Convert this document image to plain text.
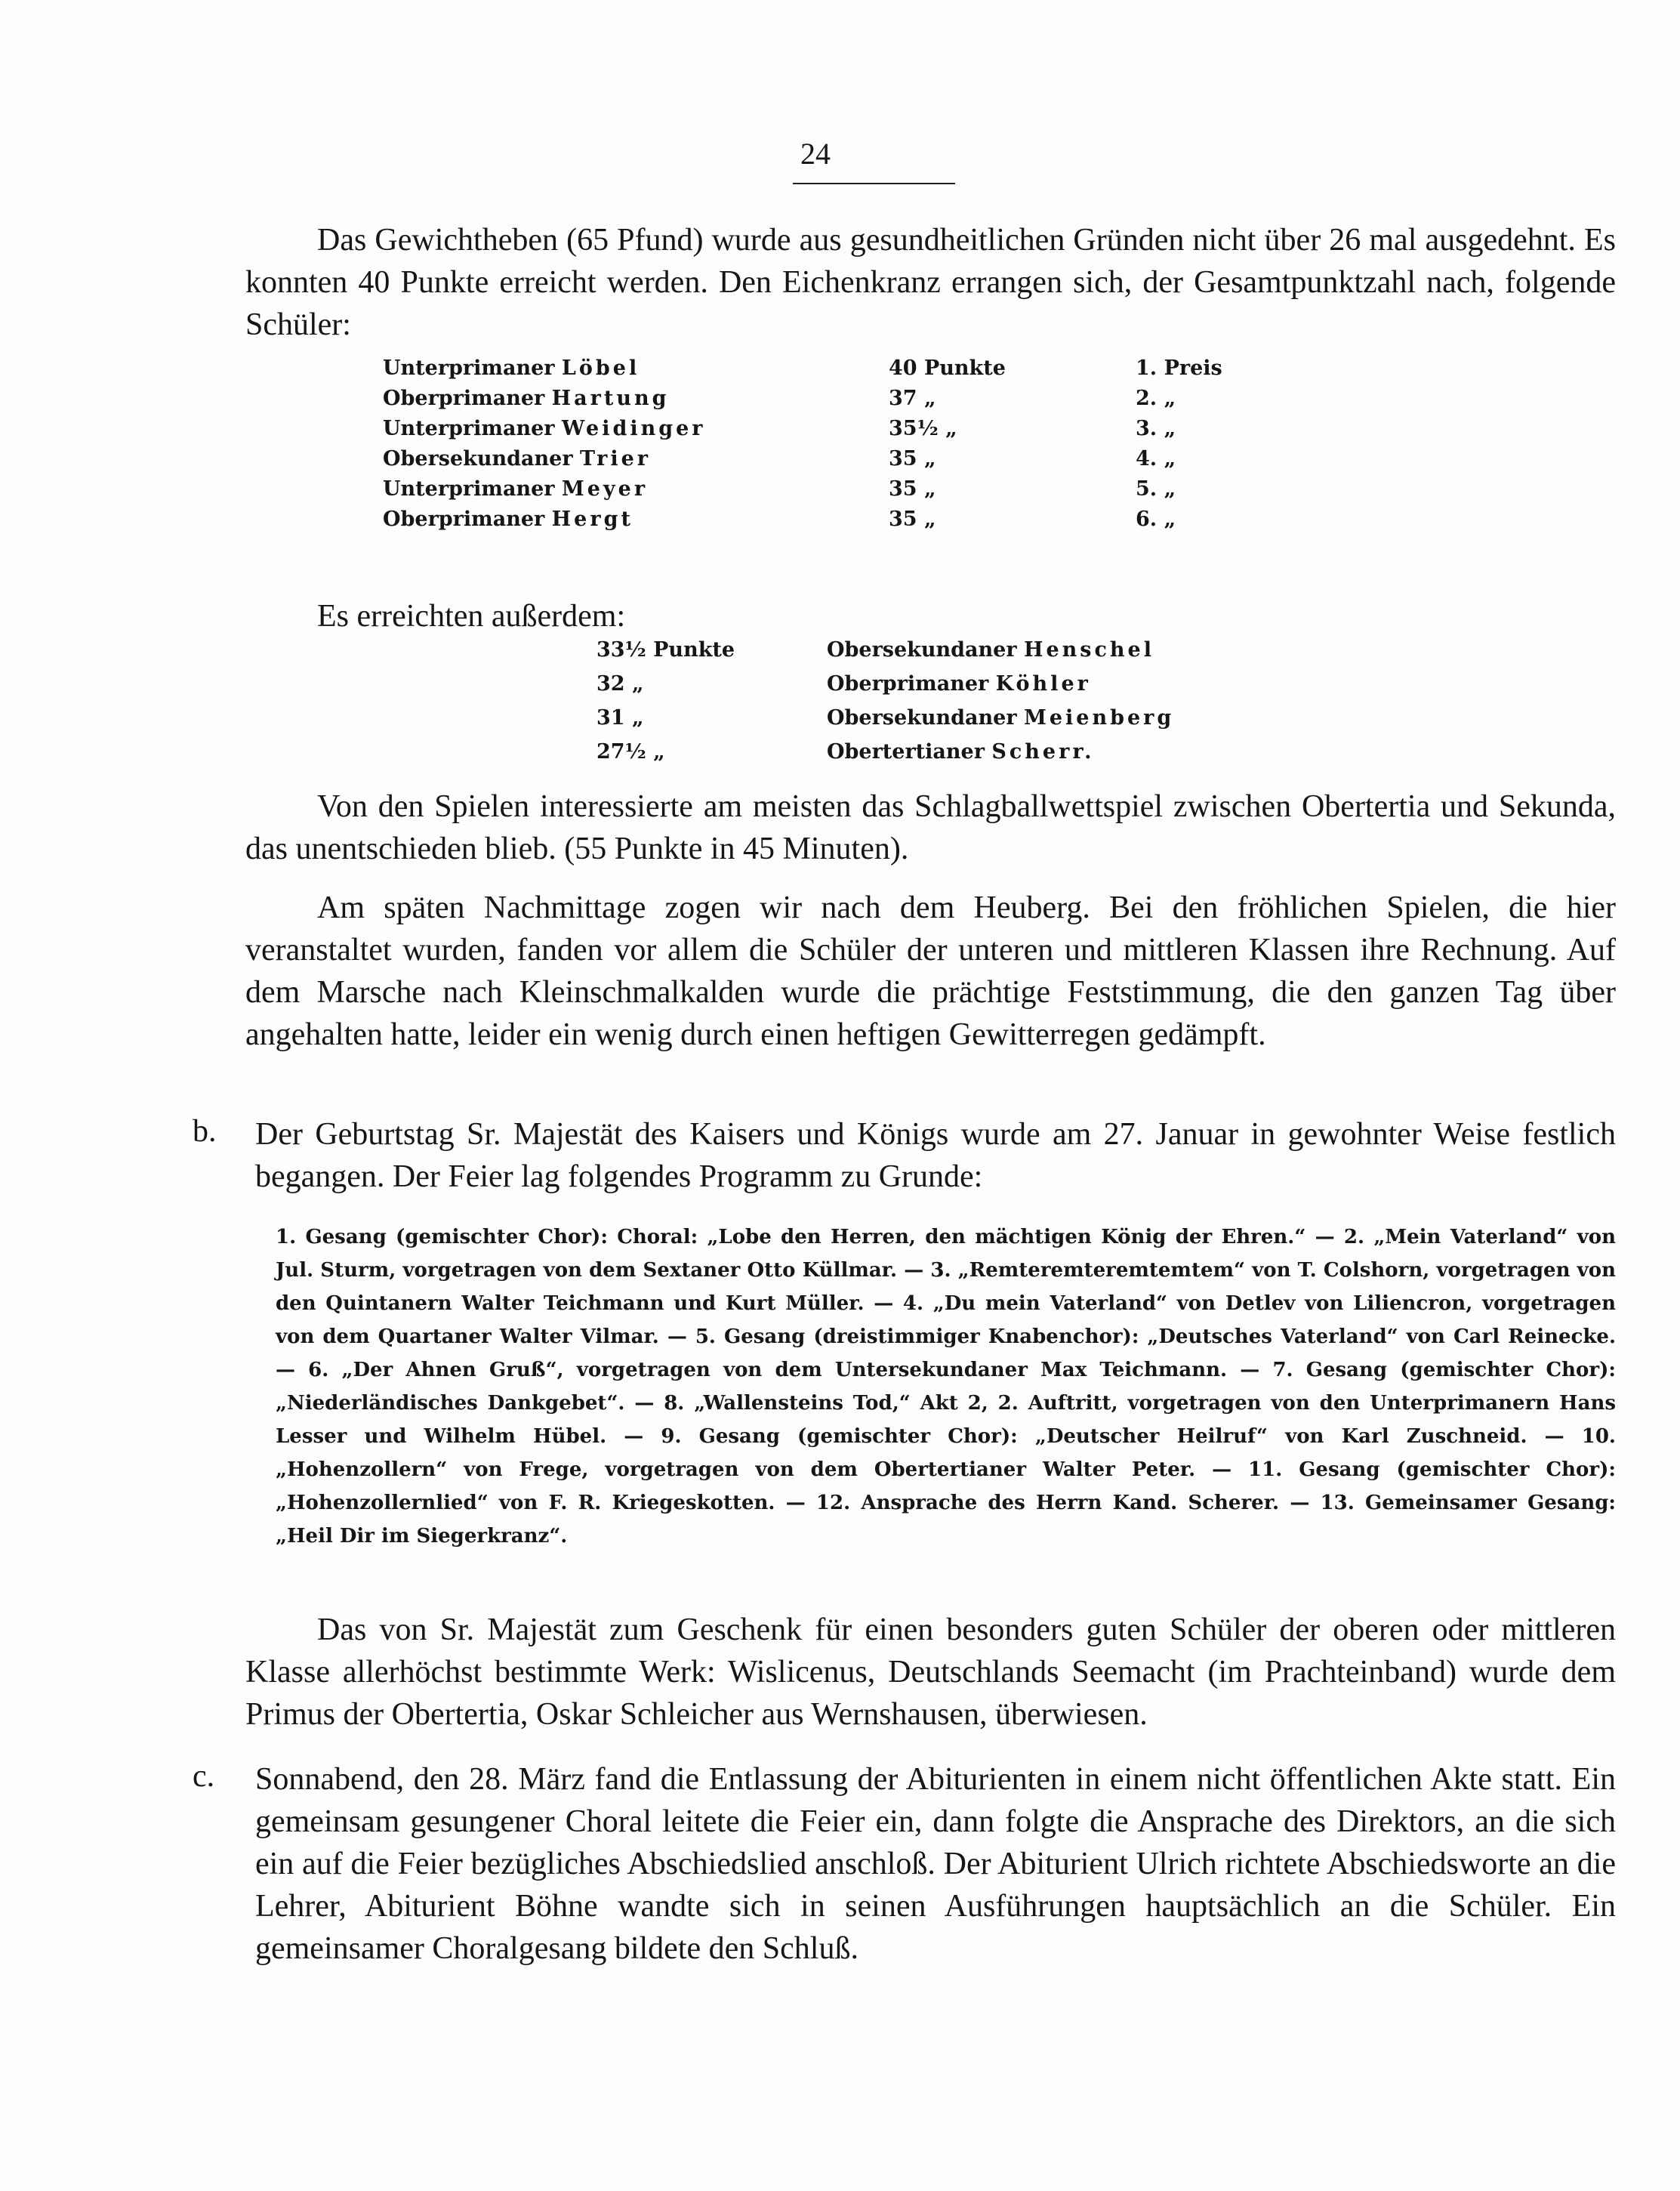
24
Das Gewichtheben (65 Pfund) wurde aus gesundheitlichen Gründen nicht über 26 mal ausgedehnt. Es konnten 40 Punkte erreicht werden. Den Eichenkranz errangen sich, der Gesamtpunktzahl nach, folgende Schüler:
Unterprimaner Löbel	40 Punkte	1. Preis
Oberprimaner Hartung	37 „	2. „
Unterprimaner Weidinger	35½ „	3. „
Obersekundaner Trier	35 „	4. „
Unterprimaner Meyer	35 „	5. „
Oberprimaner Hergt	35 „	6. „
Es erreichten außerdem:
33½ Punkte	Obersekundaner Henschel
32 „	Oberprimaner Köhler
31 „	Obersekundaner Meienberg
27½ „	Obertertianer Scherr.
Von den Spielen interessierte am meisten das Schlagballwettspiel zwischen Obertertia und Sekunda, das unentschieden blieb. (55 Punkte in 45 Minuten).
Am späten Nachmittage zogen wir nach dem Heuberg. Bei den fröhlichen Spielen, die hier veranstaltet wurden, fanden vor allem die Schüler der unteren und mittleren Klassen ihre Rechnung. Auf dem Marsche nach Kleinschmalkalden wurde die prächtige Feststimmung, die den ganzen Tag über angehalten hatte, leider ein wenig durch einen heftigen Gewitterregen gedämpft.
b. Der Geburtstag Sr. Majestät des Kaisers und Königs wurde am 27. Januar in gewohnter Weise festlich begangen. Der Feier lag folgendes Programm zu Grunde:
1. Gesang (gemischter Chor): Choral: „Lobe den Herren, den mächtigen König der Ehren.“ — 2. „Mein Vaterland“ von Jul. Sturm, vorgetragen von dem Sextaner Otto Küllmar. — 3. „Remteremteremtemtem“ von T. Colshorn, vorgetragen von den Quintanern Walter Teichmann und Kurt Müller. — 4. „Du mein Vaterland“ von Detlev von Liliencron, vorgetragen von dem Quartaner Walter Vilmar. — 5. Gesang (dreistimmiger Knabenchor): „Deutsches Vaterland“ von Carl Reinecke. — 6. „Der Ahnen Gruß“, vorgetragen von dem Untersekundaner Max Teichmann. — 7. Gesang (gemischter Chor): „Niederländisches Dankgebet“. — 8. „Wallensteins Tod,“ Akt 2, 2. Auftritt, vorgetragen von den Unterprimanern Hans Lesser und Wilhelm Hübel. — 9. Gesang (gemischter Chor): „Deutscher Heilruf“ von Karl Zuschneid. — 10. „Hohenzollern“ von Frege, vorgetragen von dem Obertertianer Walter Peter. — 11. Gesang (gemischter Chor): „Hohenzollernlied“ von F. R. Kriegeskotten. — 12. Ansprache des Herrn Kand. Scherer. — 13. Gemeinsamer Gesang: „Heil Dir im Siegerkranz“.
Das von Sr. Majestät zum Geschenk für einen besonders guten Schüler der oberen oder mittleren Klasse allerhöchst bestimmte Werk: Wislicenus, Deutschlands Seemacht (im Prachteinband) wurde dem Primus der Obertertia, Oskar Schleicher aus Wernshausen, überwiesen.
c. Sonnabend, den 28. März fand die Entlassung der Abiturienten in einem nicht öffentlichen Akte statt. Ein gemeinsam gesungener Choral leitete die Feier ein, dann folgte die Ansprache des Direktors, an die sich ein auf die Feier bezügliches Abschiedslied anschloß. Der Abiturient Ulrich richtete Abschiedsworte an die Lehrer, Abiturient Böhne wandte sich in seinen Ausführungen hauptsächlich an die Schüler. Ein gemeinsamer Choralgesang bildete den Schluß.
